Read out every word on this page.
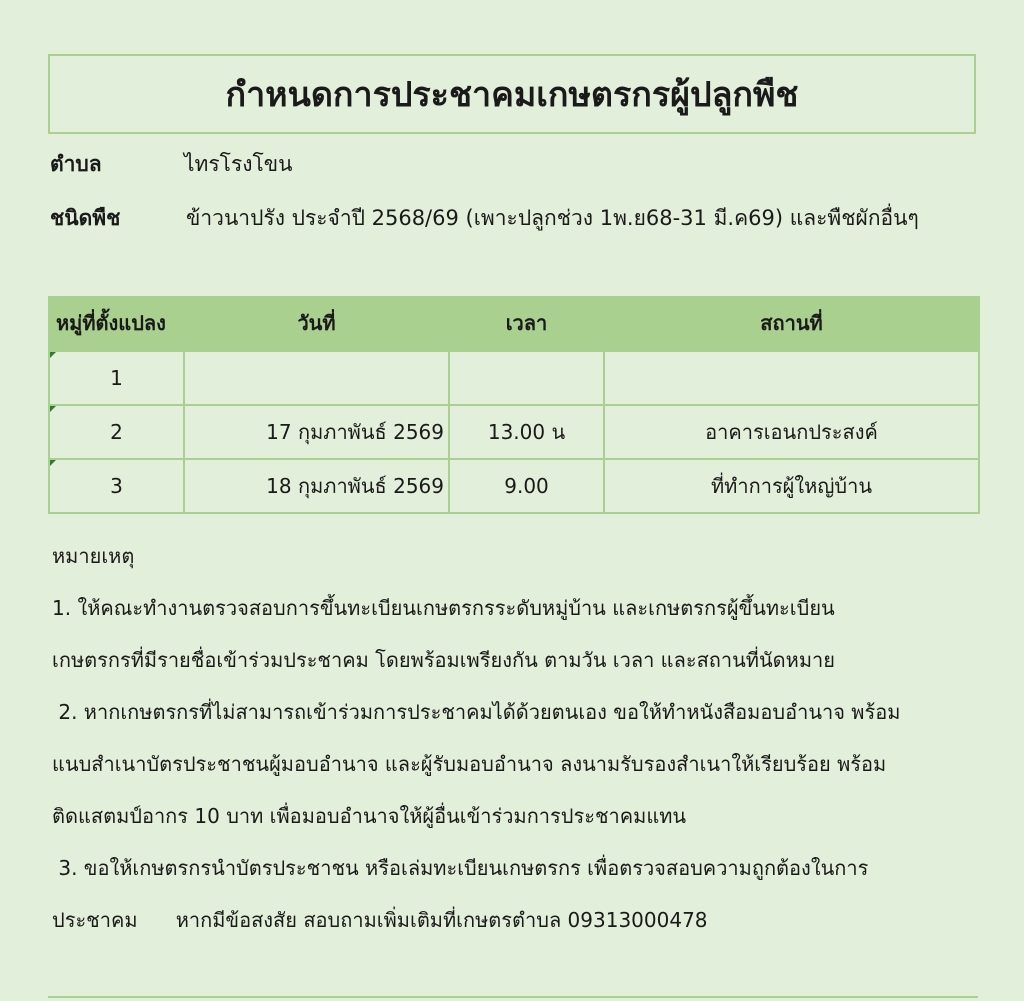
กำหนดการประชาคมเกษตรกรผู้ปลูกพืช
ตำบล	ไทรโรงโขน
ชนิดพืช	ข้าวนาปรัง ประจำปี 2568/69 (เพาะปลูกช่วง 1พ.ย68-31 มี.ค69) และพืชผักอื่นๆ
หมู่ที่ตั้งแปลง	วันที่	เวลา	สถานที่
1			
2	17 กุมภาพันธ์ 2569	13.00 น	อาคารเอนกประสงค์
3	18 กุมภาพันธ์ 2569	9.00	ที่ทำการผู้ใหญ่บ้าน

หมายเหตุ

1. ให้คณะทำงานตรวจสอบการขึ้นทะเบียนเกษตรกรระดับหมู่บ้าน และเกษตรกรผู้ขึ้นทะเบียน

เกษตรกรที่มีรายชื่อเข้าร่วมประชาคม โดยพร้อมเพรียงกัน ตามวัน เวลา และสถานที่นัดหมาย

2. หากเกษตรกรที่ไม่สามารถเข้าร่วมการประชาคมได้ด้วยตนเอง ขอให้ทำหนังสือมอบอำนาจ พร้อม

แนบสำเนาบัตรประชาชนผู้มอบอำนาจ และผู้รับมอบอำนาจ ลงนามรับรองสำเนาให้เรียบร้อย พร้อม

ติดแสตมป์อากร 10 บาท เพื่อมอบอำนาจให้ผู้อื่นเข้าร่วมการประชาคมแทน

3. ขอให้เกษตรกรนำบัตรประชาชน หรือเล่มทะเบียนเกษตรกร เพื่อตรวจสอบความถูกต้องในการ

ประชาคม      หากมีข้อสงสัย สอบถามเพิ่มเติมที่เกษตรตำบล 09313000478
